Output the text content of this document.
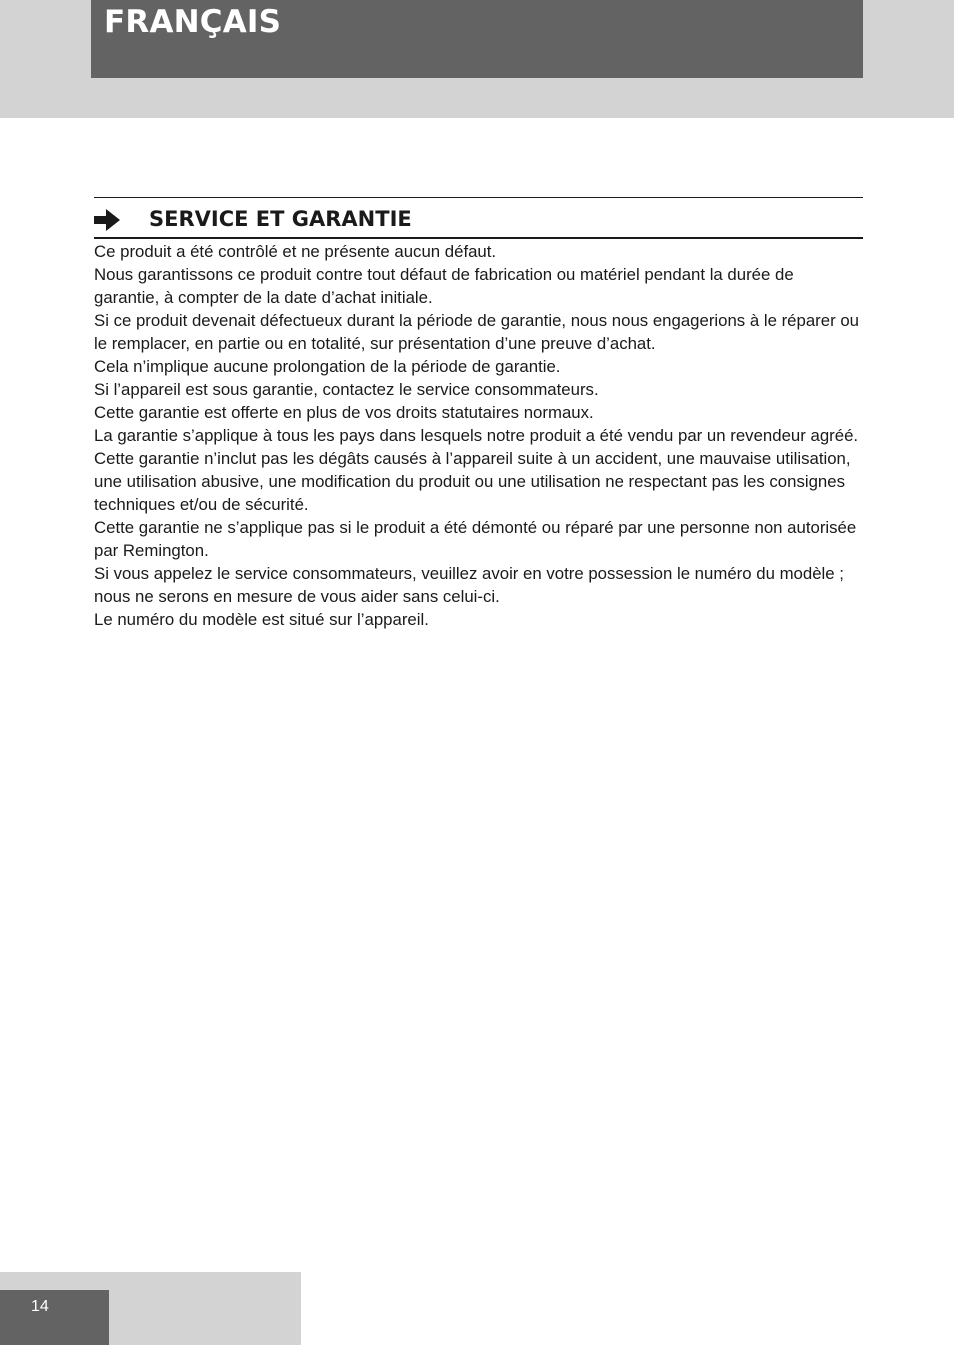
FRANÇAIS
SERVICE ET GARANTIE

Ce produit a été contrôlé et ne présente aucun défaut.

Nous garantissons ce produit contre tout défaut de fabrication ou matériel pendant la durée de garantie, à compter de la date d’achat initiale.

Si ce produit devenait défectueux durant la période de garantie, nous nous engagerions à le réparer ou le remplacer, en partie ou en totalité, sur présentation d’une preuve d’achat.

Cela n’implique aucune prolongation de la période de garantie.

Si l’appareil est sous garantie, contactez le service consommateurs.

Cette garantie est offerte en plus de vos droits statutaires normaux.

La garantie s’applique à tous les pays dans lesquels notre produit a été vendu par un revendeur agréé.

Cette garantie n’inclut pas les dégâts causés à l’appareil suite à un accident, une mauvaise utilisation, une utilisation abusive, une modification du produit ou une utilisation ne respectant pas les consignes techniques et/ou de sécurité.

Cette garantie ne s’applique pas si le produit a été démonté ou réparé par une personne non autorisée par Remington.

Si vous appelez le service consommateurs, veuillez avoir en votre possession le numéro du modèle ; nous ne serons en mesure de vous aider sans celui-ci.

Le numéro du modèle est situé sur l’appareil.

14
